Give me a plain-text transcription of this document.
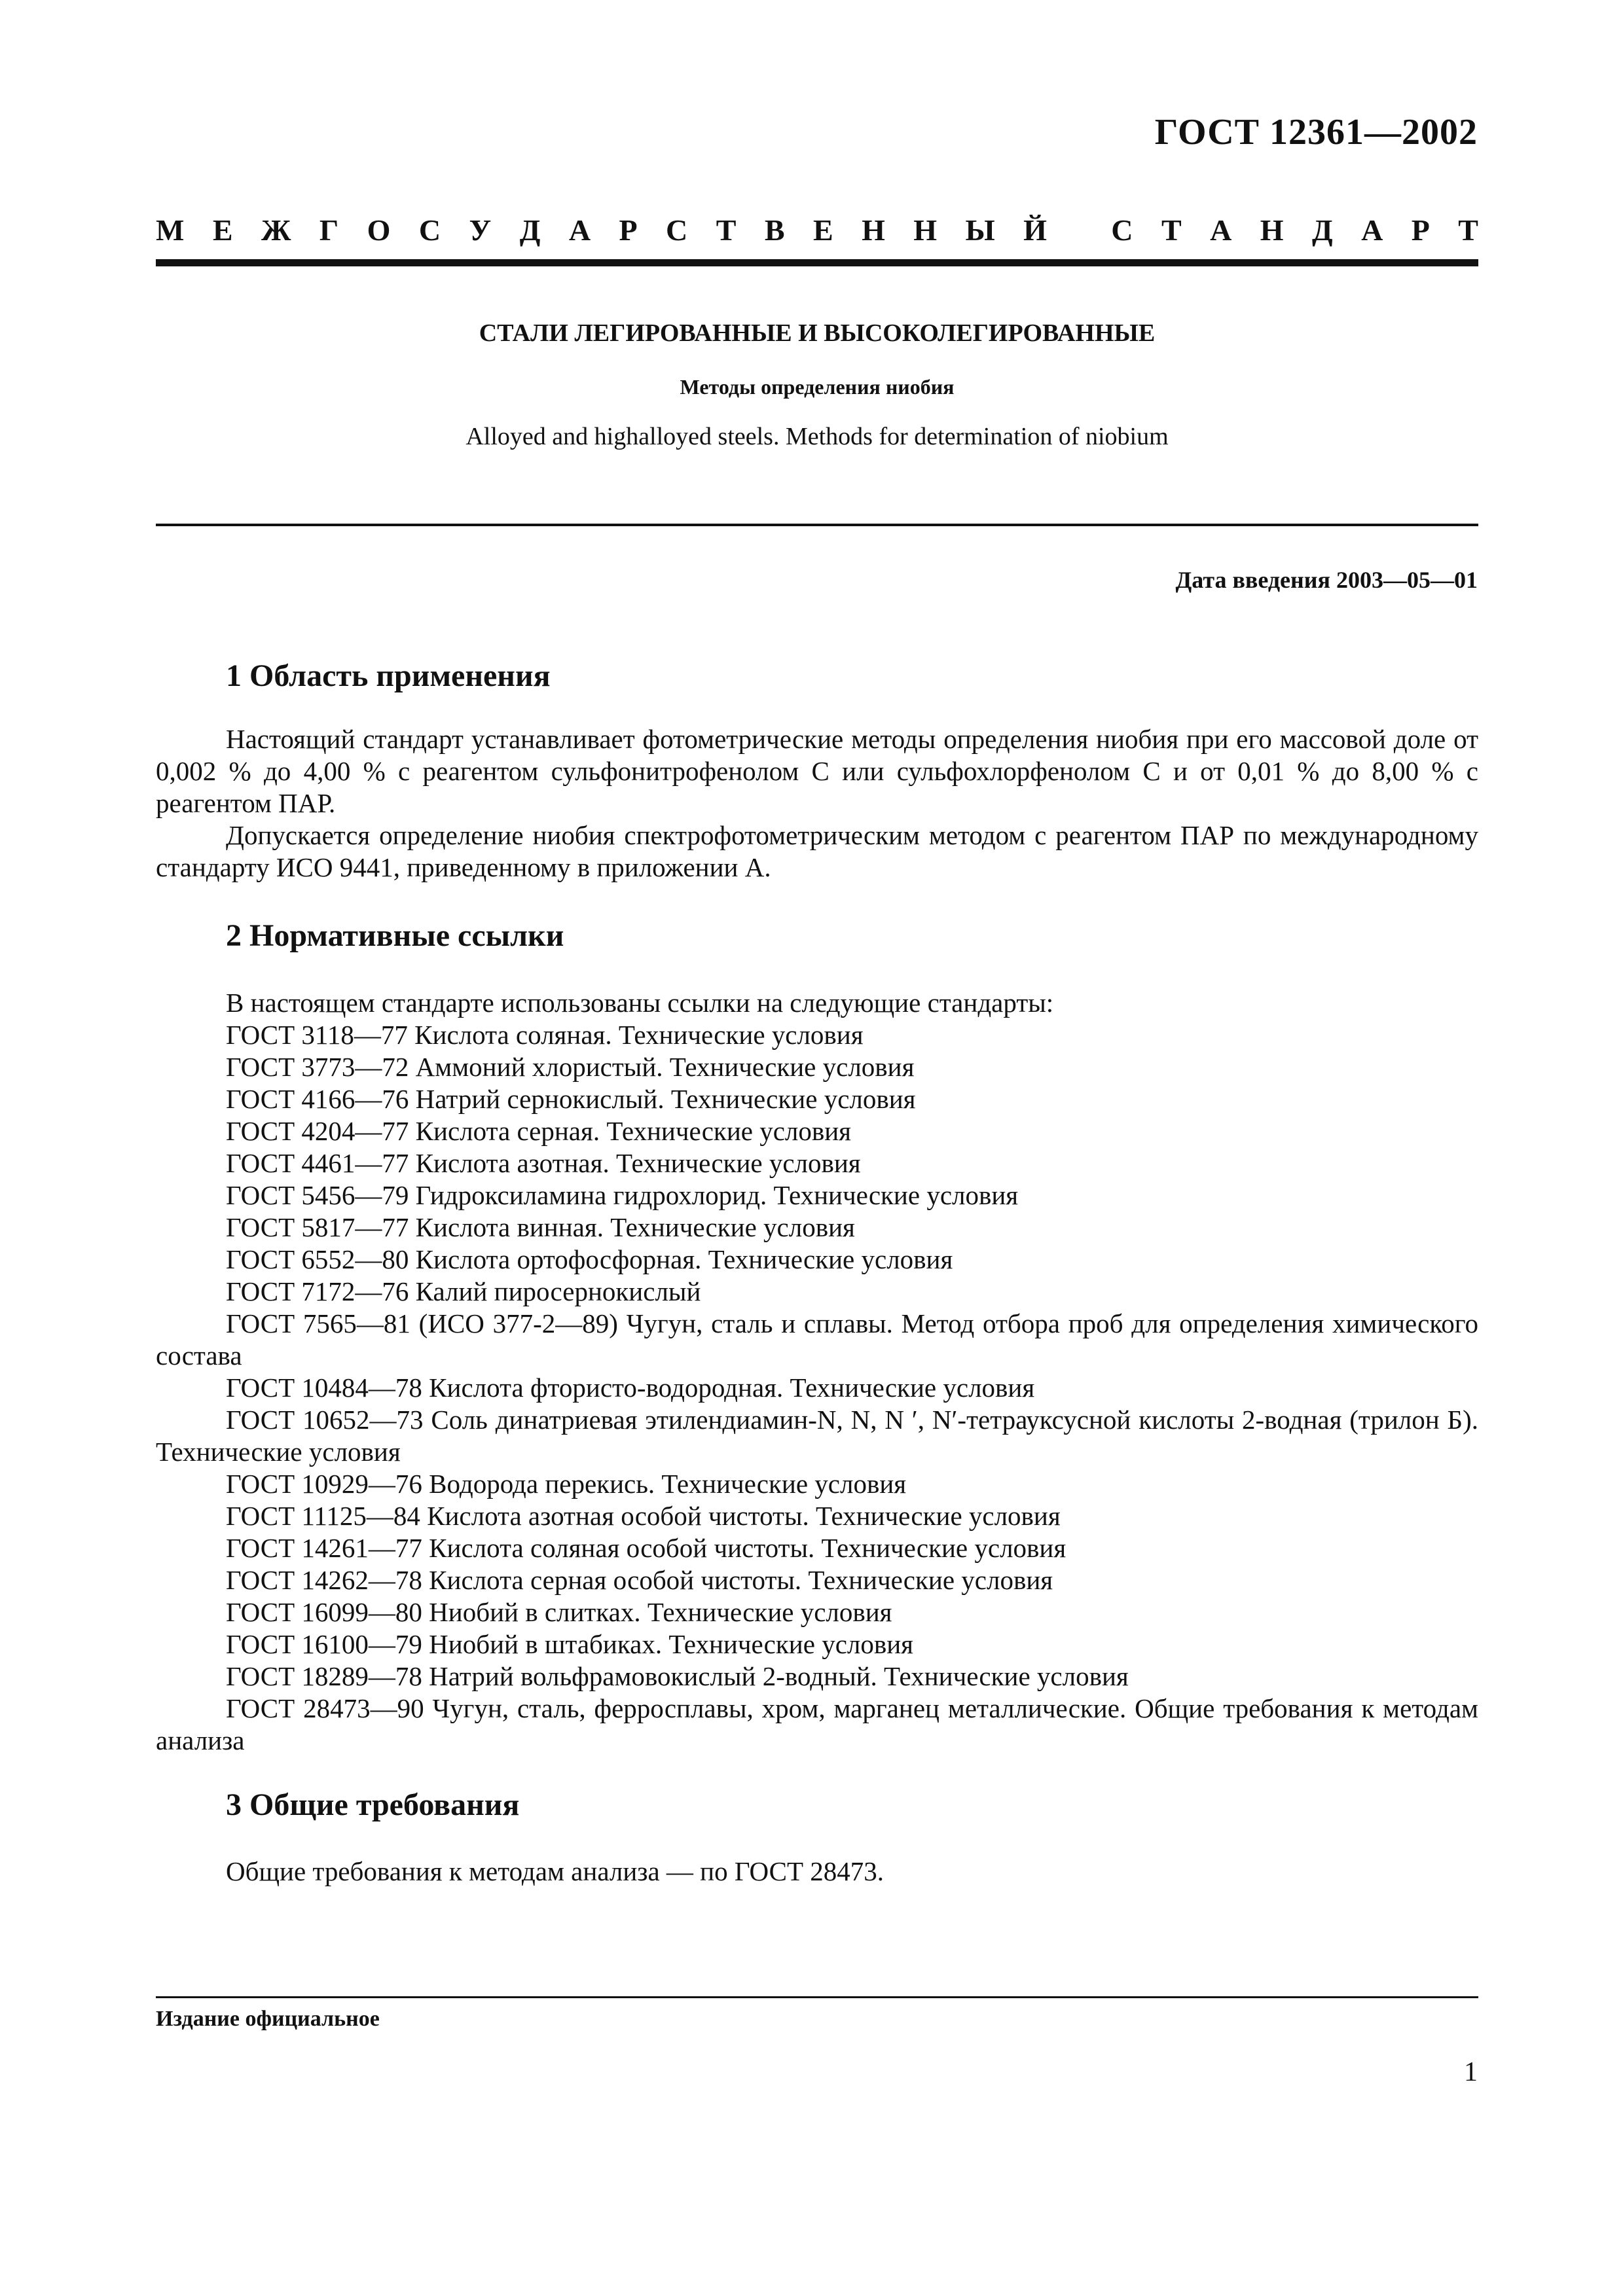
ГОСТ 12361—2002
М Е Ж Г О С У Д А Р С Т В Е Н Н Ы Й
С Т А Н Д А Р Т
СТАЛИ ЛЕГИРОВАННЫЕ И ВЫСОКОЛЕГИРОВАННЫЕ
Методы определения ниобия
Alloyed and highalloyed steels. Methods for determination of niobium
Дата введения 2003—05—01
1 Область применения

Настоящий стандарт устанавливает фотометрические методы определения ниобия при его массовой доле от 0,002 % до 4,00 % с реагентом сульфонитрофенолом С или сульфохлорфенолом С и от 0,01 % до 8,00 % с реагентом ПАР.

Допускается определение ниобия спектрофотометрическим методом с реагентом ПАР по международному стандарту ИСО 9441, приведенному в приложении А.

2 Нормативные ссылки

В настоящем стандарте использованы ссылки на следующие стандарты:

ГОСТ 3118—77 Кислота соляная. Технические условия
ГОСТ 3773—72 Аммоний хлористый. Технические условия
ГОСТ 4166—76 Натрий сернокислый. Технические условия
ГОСТ 4204—77 Кислота серная. Технические условия
ГОСТ 4461—77 Кислота азотная. Технические условия
ГОСТ 5456—79 Гидроксиламина гидрохлорид. Технические условия
ГОСТ 5817—77 Кислота винная. Технические условия
ГОСТ 6552—80 Кислота ортофосфорная. Технические условия
ГОСТ 7172—76 Калий пиросернокислый
ГОСТ 7565—81 (ИСО 377-2—89) Чугун, сталь и сплавы. Метод отбора проб для определения химического состава
ГОСТ 10484—78 Кислота фтористо-водородная. Технические условия
ГОСТ 10652—73 Соль динатриевая этилендиамин-N, N, N ′, N′-тетрауксусной кислоты 2-водная (трилон Б). Технические условия
ГОСТ 10929—76 Водорода перекись. Технические условия
ГОСТ 11125—84 Кислота азотная особой чистоты. Технические условия
ГОСТ 14261—77 Кислота соляная особой чистоты. Технические условия
ГОСТ 14262—78 Кислота серная особой чистоты. Технические условия
ГОСТ 16099—80 Ниобий в слитках. Технические условия
ГОСТ 16100—79 Ниобий в штабиках. Технические условия
ГОСТ 18289—78 Натрий вольфрамовокислый 2-водный. Технические условия
ГОСТ 28473—90 Чугун, сталь, ферросплавы, хром, марганец металлические. Общие требования к методам анализа
3 Общие требования

Общие требования к методам анализа — по ГОСТ 28473.

Издание официальное
1
